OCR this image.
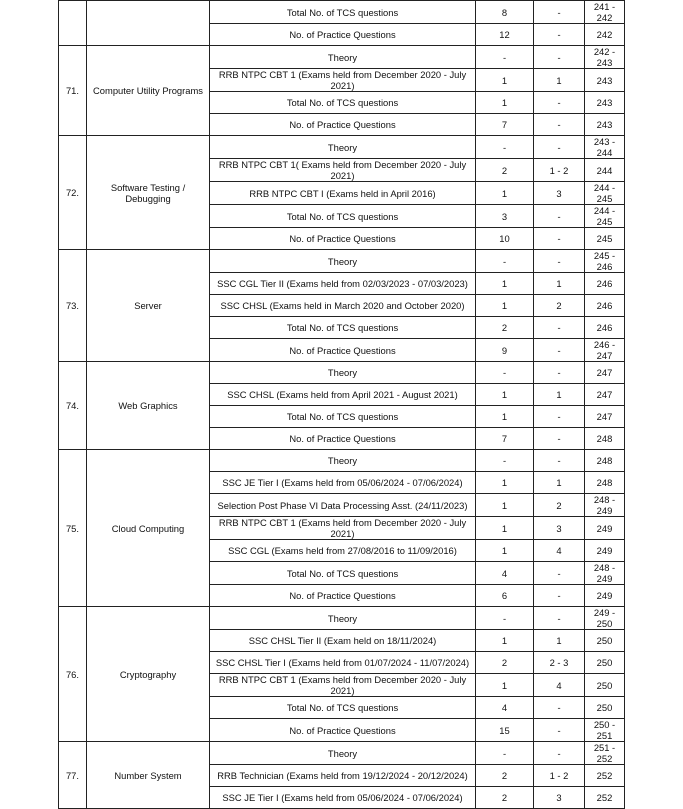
		Total No. of TCS questions	8	-	241 - 242
		No. of Practice Questions	12	-	242
71.	Computer Utility Programs	Theory	-	-	242 - 243
		RRB NTPC CBT 1 (Exams held from December 2020 - July 2021)	1	1	243
		Total No. of TCS questions	1	-	243
		No. of Practice Questions	7	-	243
72.	Software Testing / Debugging	Theory	-	-	243 - 244
		RRB NTPC CBT 1( Exams held from December 2020 - July 2021)	2	1 - 2	244
		RRB NTPC CBT I (Exams held in April 2016)	1	3	244 - 245
		Total No. of TCS questions	3	-	244 - 245
		No. of Practice Questions	10	-	245
73.	Server	Theory	-	-	245 - 246
		SSC CGL Tier II (Exams held from 02/03/2023 - 07/03/2023)	1	1	246
		SSC CHSL (Exams held in March 2020 and October 2020)	1	2	246
		Total No. of TCS questions	2	-	246
		No. of Practice Questions	9	-	246 - 247
74.	Web Graphics	Theory	-	-	247
		SSC CHSL (Exams held from April 2021 - August 2021)	1	1	247
		Total No. of TCS questions	1	-	247
		No. of Practice Questions	7	-	248
75.	Cloud Computing	Theory	-	-	248
		SSC JE Tier I (Exams held from 05/06/2024 - 07/06/2024)	1	1	248
		Selection Post Phase VI Data Processing Asst. (24/11/2023)	1	2	248 - 249
		RRB NTPC CBT 1 (Exams held from December 2020 - July 2021)	1	3	249
		SSC CGL (Exams held from 27/08/2016 to 11/09/2016)	1	4	249
		Total No. of TCS questions	4	-	248 - 249
		No. of Practice Questions	6	-	249
76.	Cryptography	Theory	-	-	249 - 250
		SSC CHSL Tier II (Exam held on 18/11/2024)	1	1	250
		SSC CHSL Tier I (Exams held from 01/07/2024 - 11/07/2024)	2	2 - 3	250
		RRB NTPC CBT 1 (Exams held from December 2020 - July 2021)	1	4	250
		Total No. of TCS questions	4	-	250
		No. of Practice Questions	15	-	250 - 251
77.	Number System	Theory	-	-	251 - 252
		RRB Technician (Exams held from 19/12/2024 - 20/12/2024)	2	1 - 2	252
		SSC JE Tier I (Exams held from 05/06/2024 - 07/06/2024)	2	3	252
